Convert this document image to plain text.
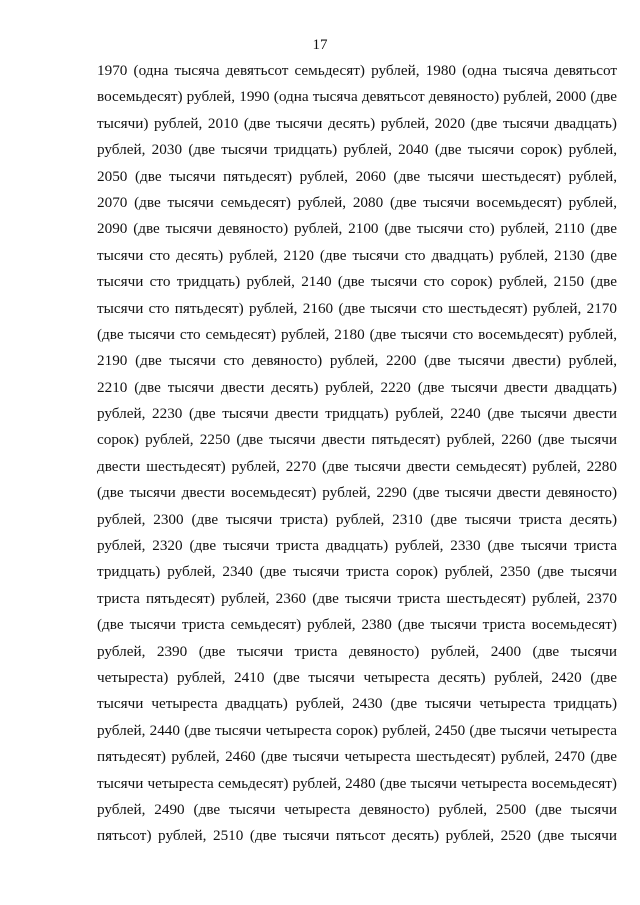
17
1970 (одна тысяча девятьсот семьдесят) рублей, 1980 (одна тысяча девятьсот
восемьдесят) рублей, 1990 (одна тысяча девятьсот девяносто) рублей, 2000 (две
тысячи) рублей, 2010 (две тысячи десять) рублей, 2020 (две тысячи двадцать)
рублей, 2030 (две тысячи тридцать) рублей, 2040 (две тысячи сорок) рублей,
2050 (две тысячи пятьдесят) рублей, 2060 (две тысячи шестьдесят) рублей,
2070 (две тысячи семьдесят) рублей, 2080 (две тысячи восемьдесят) рублей,
2090 (две тысячи девяносто) рублей, 2100 (две тысячи сто) рублей, 2110 (две
тысячи сто десять) рублей, 2120 (две тысячи сто двадцать) рублей, 2130 (две
тысячи сто тридцать) рублей, 2140 (две тысячи сто сорок) рублей, 2150 (две
тысячи сто пятьдесят) рублей, 2160 (две тысячи сто шестьдесят) рублей, 2170
(две тысячи сто семьдесят) рублей, 2180 (две тысячи сто восемьдесят) рублей,
2190 (две тысячи сто девяносто) рублей, 2200 (две тысячи двести) рублей,
2210 (две тысячи двести десять) рублей, 2220 (две тысячи двести двадцать)
рублей, 2230 (две тысячи двести тридцать) рублей, 2240 (две тысячи двести
сорок) рублей, 2250 (две тысячи двести пятьдесят) рублей, 2260 (две тысячи
двести шестьдесят) рублей, 2270 (две тысячи двести семьдесят) рублей, 2280
(две тысячи двести восемьдесят) рублей, 2290 (две тысячи двести девяносто)
рублей, 2300 (две тысячи триста) рублей, 2310 (две тысячи триста десять)
рублей, 2320 (две тысячи триста двадцать) рублей, 2330 (две тысячи триста
тридцать) рублей, 2340 (две тысячи триста сорок) рублей, 2350 (две тысячи
триста пятьдесят) рублей, 2360 (две тысячи триста шестьдесят) рублей, 2370
(две тысячи триста семьдесят) рублей, 2380 (две тысячи триста восемьдесят)
рублей, 2390 (две тысячи триста девяносто) рублей, 2400 (две тысячи
четыреста) рублей, 2410 (две тысячи четыреста десять) рублей, 2420 (две
тысячи четыреста двадцать) рублей, 2430 (две тысячи четыреста тридцать)
рублей, 2440 (две тысячи четыреста сорок) рублей, 2450 (две тысячи четыреста
пятьдесят) рублей, 2460 (две тысячи четыреста шестьдесят) рублей, 2470 (две
тысячи четыреста семьдесят) рублей, 2480 (две тысячи четыреста восемьдесят)
рублей, 2490 (две тысячи четыреста девяносто) рублей, 2500 (две тысячи
пятьсот) рублей, 2510 (две тысячи пятьсот десять) рублей, 2520 (две тысячи
